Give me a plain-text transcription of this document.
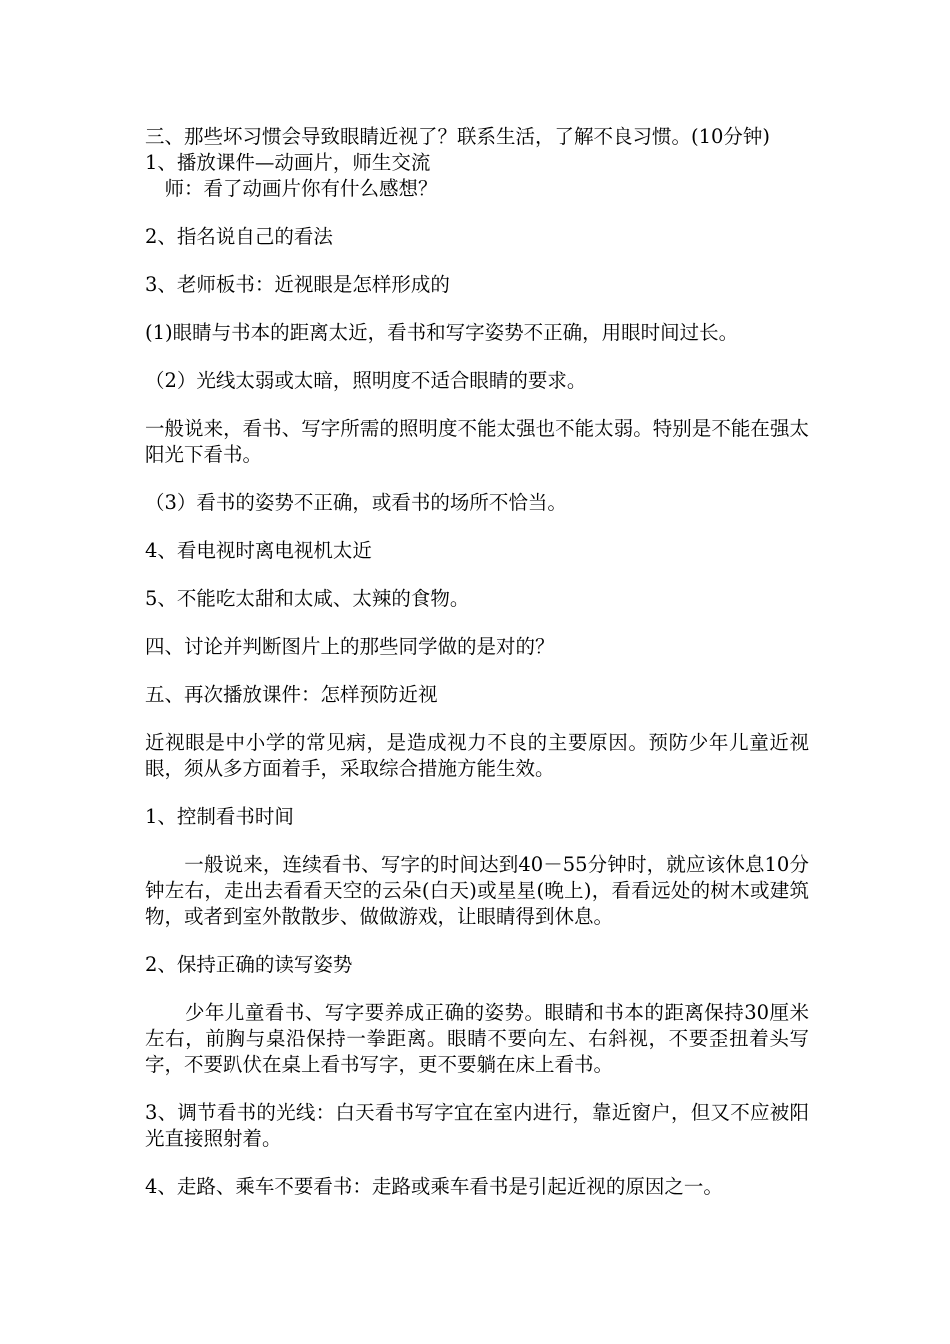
三、那些坏习惯会导致眼睛近视了？联系生活，了解不良习惯。(10分钟)

1、播放课件—动画片，师生交流

　师：看了动画片你有什么感想？

2、指名说自己的看法

3、老师板书：近视眼是怎样形成的

(1)眼睛与书本的距离太近，看书和写字姿势不正确，用眼时间过长。

（2）光线太弱或太暗，照明度不适合眼睛的要求。

一般说来，看书、写字所需的照明度不能太强也不能太弱。特别是不能在强太阳光下看书。

（3）看书的姿势不正确，或看书的场所不恰当。

4、看电视时离电视机太近

5、不能吃太甜和太咸、太辣的食物。

四、讨论并判断图片上的那些同学做的是对的？

五、再次播放课件：怎样预防近视

近视眼是中小学的常见病，是造成视力不良的主要原因。预防少年儿童近视眼，须从多方面着手，采取综合措施方能生效。

1、控制看书时间

　　一般说来，连续看书、写字的时间达到40－55分钟时，就应该休息10分钟左右，走出去看看天空的云朵(白天)或星星(晚上)，看看远处的树木或建筑物，或者到室外散散步、做做游戏，让眼睛得到休息。

2、保持正确的读写姿势

　　少年儿童看书、写字要养成正确的姿势。眼睛和书本的距离保持30厘米左右，前胸与桌沿保持一拳距离。眼睛不要向左、右斜视，不要歪扭着头写字，不要趴伏在桌上看书写字，更不要躺在床上看书。

3、调节看书的光线：白天看书写字宜在室内进行，靠近窗户，但又不应被阳光直接照射着。

4、走路、乘车不要看书：走路或乘车看书是引起近视的原因之一。
